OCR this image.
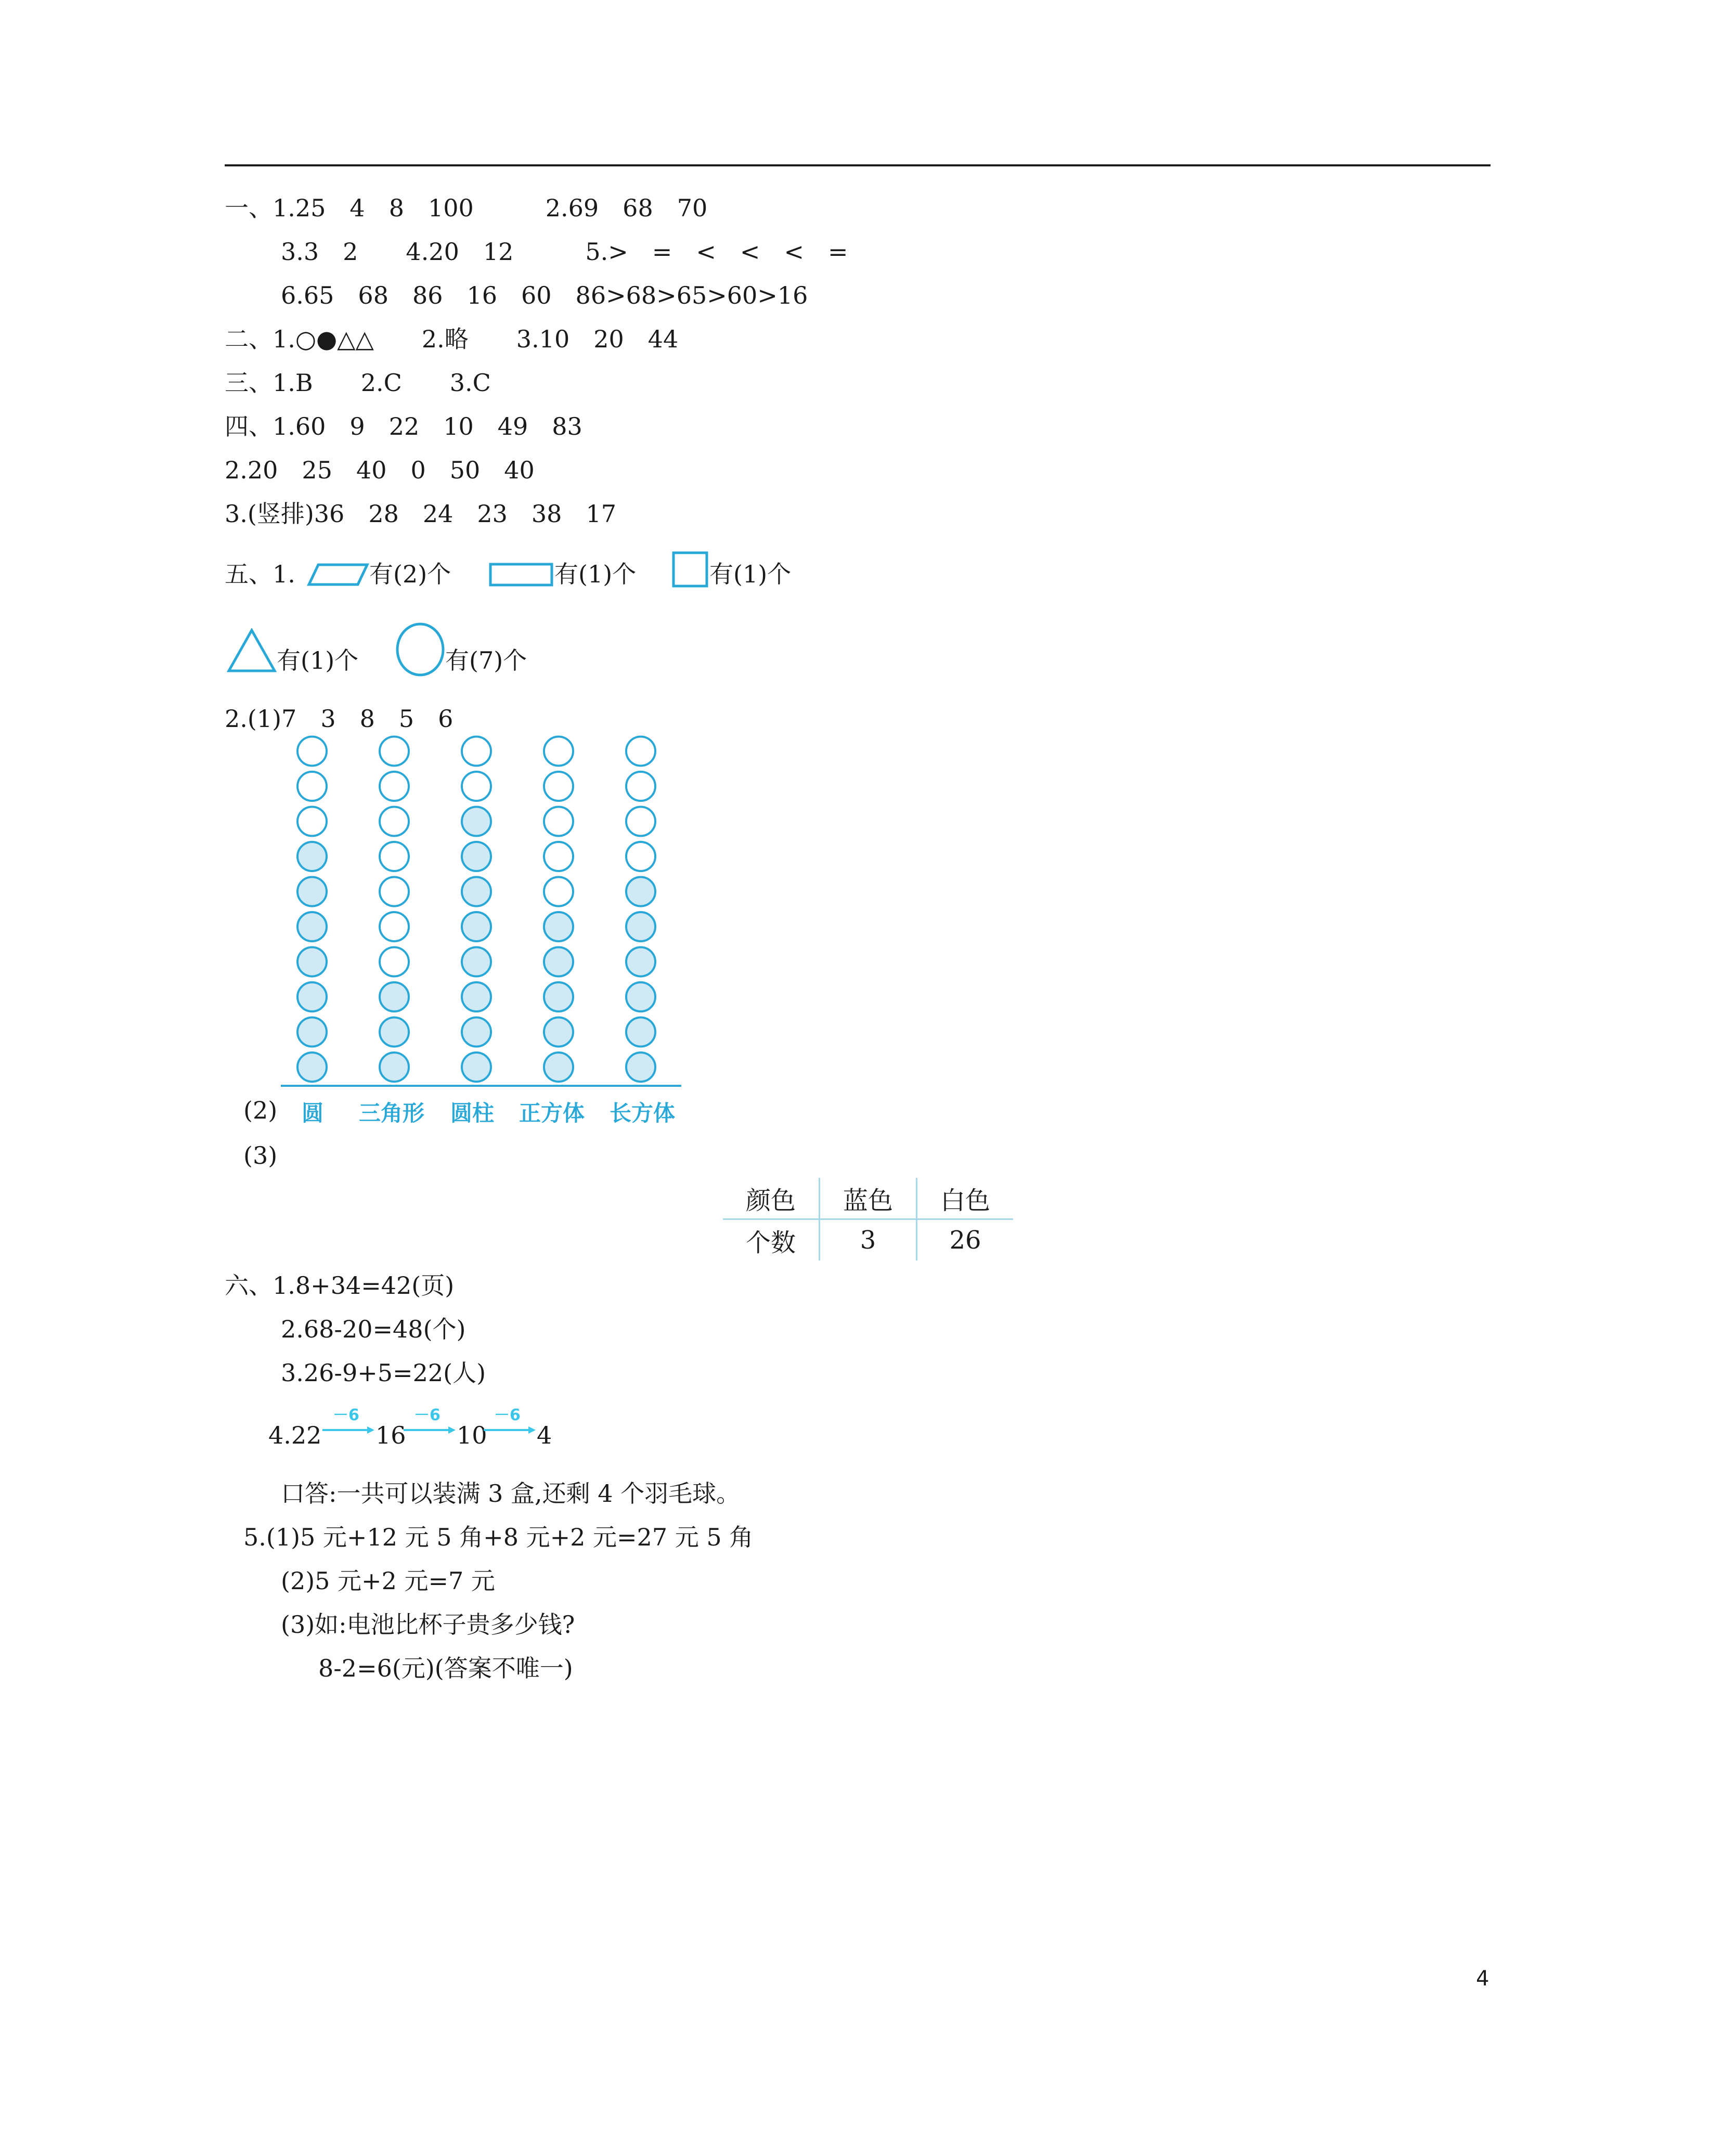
一、1.25　4　8　100　　　2.69　68　70
3.3　2　　4.20　12　　　5.>　=　<　<　<　=
6.65　68　86　16　60　86>68>65>60>16
二、1.○●△△　　2.略　　3.10　20　44
三、1.B　　2.C　　3.C
四、1.60　9　22　10　49　83
2.20　25　40　0　50　40
3.(竖排)36　28　24　23　38　17
五、1.	有(2)个	有(1)个	有(1)个
有(1)个	有(7)个
2.(1)7　3　8　5　6
(2) 圆 三角形 圆柱 正方体 长方体
(3)
颜色	蓝色	白色
个数	3	26
六、1.8+34=42(页)
2.68-20=48(个)
3.26-9+5=22(人)
4.22
－6
16
－6
10
－6
4
口答:一共可以装满 3 盒,还剩 4 个羽毛球。
5.(1)5 元+12 元 5 角+8 元+2 元=27 元 5 角
(2)5 元+2 元=7 元
(3)如:电池比杯子贵多少钱?
8-2=6(元)(答案不唯一)
4
